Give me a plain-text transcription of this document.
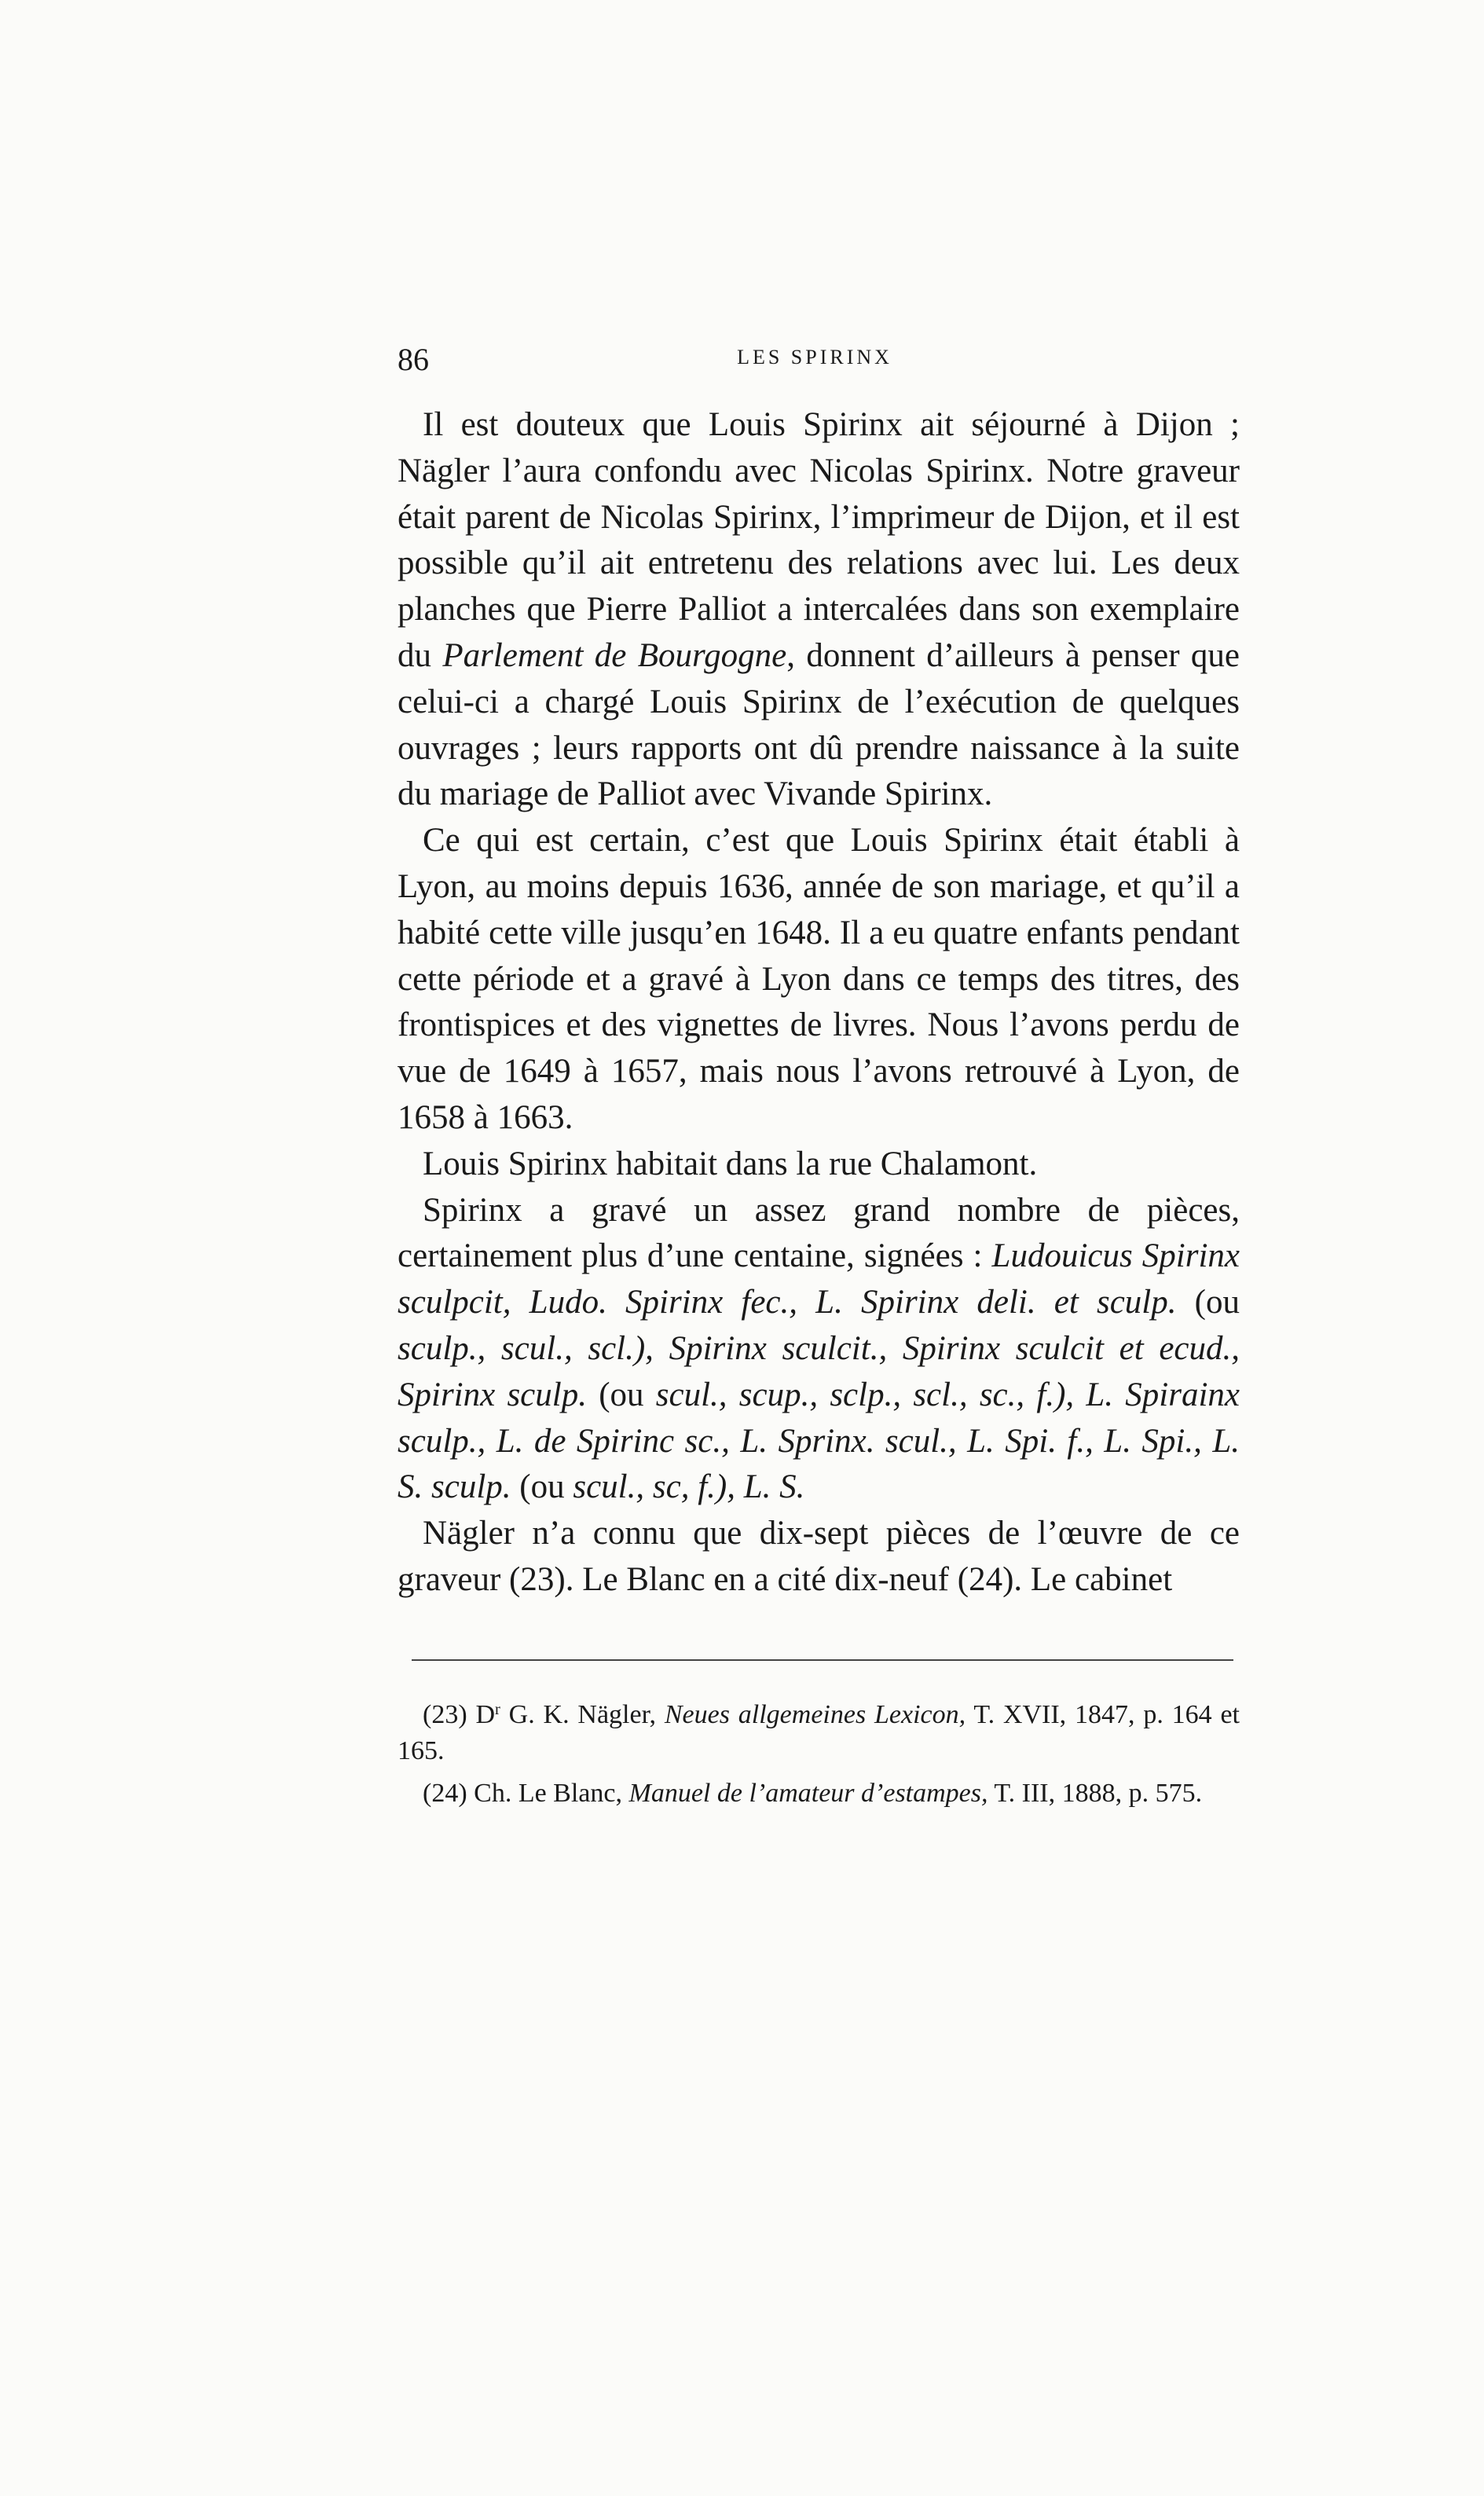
86	LES SPIRINX

Il est douteux que Louis Spirinx ait séjourné à Dijon ; Nägler l’aura confondu avec Nicolas Spirinx. Notre graveur était parent de Nicolas Spirinx, l’imprimeur de Dijon, et il est possible qu’il ait entretenu des relations avec lui. Les deux planches que Pierre Palliot a intercalées dans son exemplaire du Parlement de Bourgogne, donnent d’ailleurs à penser que celui-ci a chargé Louis Spirinx de l’exécution de quelques ouvrages ; leurs rapports ont dû prendre naissance à la suite du mariage de Palliot avec Vivande Spirinx.

Ce qui est certain, c’est que Louis Spirinx était établi à Lyon, au moins depuis 1636, année de son mariage, et qu’il a habité cette ville jusqu’en 1648. Il a eu quatre enfants pendant cette période et a gravé à Lyon dans ce temps des titres, des frontispices et des vignettes de livres. Nous l’avons perdu de vue de 1649 à 1657, mais nous l’avons retrouvé à Lyon, de 1658 à 1663.

Louis Spirinx habitait dans la rue Chalamont.

Spirinx a gravé un assez grand nombre de pièces, certainement plus d’une centaine, signées : Ludouicus Spirinx sculpcit, Ludo. Spirinx fec., L. Spirinx deli. et sculp. (ou sculp., scul., scl.), Spirinx sculcit., Spirinx sculcit et ecud., Spirinx sculp. (ou scul., scup., sclp., scl., sc., f.), L. Spirainx sculp., L. de Spirinc sc., L. Sprinx. scul., L. Spi. f., L. Spi., L. S. sculp. (ou scul., sc, f.), L. S.

Nägler n’a connu que dix-sept pièces de l’œuvre de ce graveur (23). Le Blanc en a cité dix-neuf (24). Le cabinet

(23) $D^r$ G. K. Nägler, Neues allgemeines Lexicon, T. XVII, 1847, p. 164 et 165.

(24) Ch. Le Blanc, Manuel de l’amateur d’estampes, T. III, 1888, p. 575.
